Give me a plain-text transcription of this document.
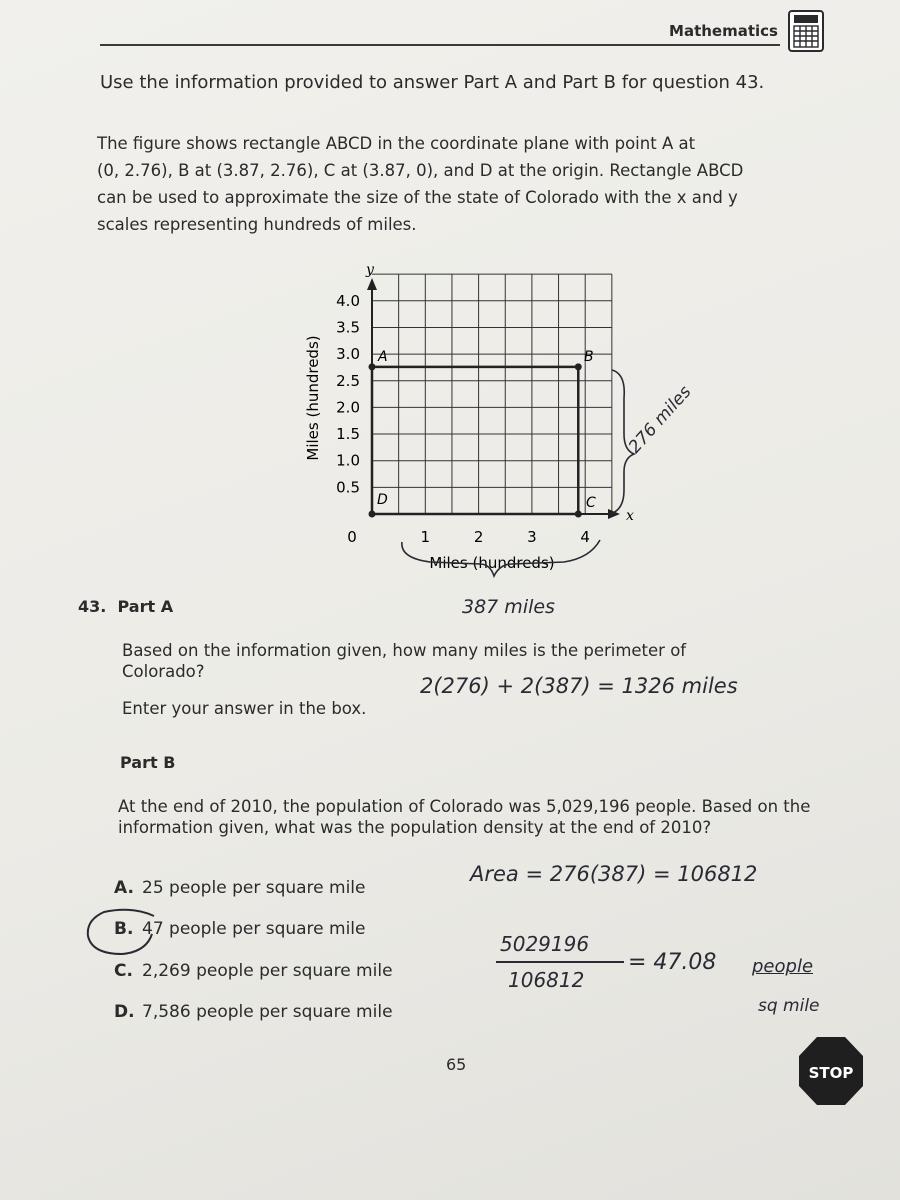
Mathematics
Use the information provided to answer Part A and Part B for question 43.
The figure shows rectangle ABCD in the coordinate plane with point A at
(0, 2.76), B at (3.87, 2.76), C at (3.87, 0), and D at the origin. Rectangle ABCD
can be used to approximate the size of the state of Colorado with the x and y
scales representing hundreds of miles.
y
x
4.0
3.5
3.0
2.5
2.0
1.5
1.0
0.5
1	2	3	4
0
Miles (hundreds)
Miles (hundreds)
A	B
C
D
276 miles
43. Part A	387 miles
Based on the information given, how many miles is the perimeter of Colorado?
Enter your answer in the box.
2(276) + 2(387) = 1326 miles
Part B
At the end of 2010, the population of Colorado was 5,029,196 people. Based on the information given, what was the population density at the end of 2010?
A. 25 people per square mile
B. 47 people per square mile
C. 2,269 people per square mile
D. 7,586 people per square mile
Area = 276(387) = 106812
5029196
106812
= 47.08 people
sq mile
65	STOP
